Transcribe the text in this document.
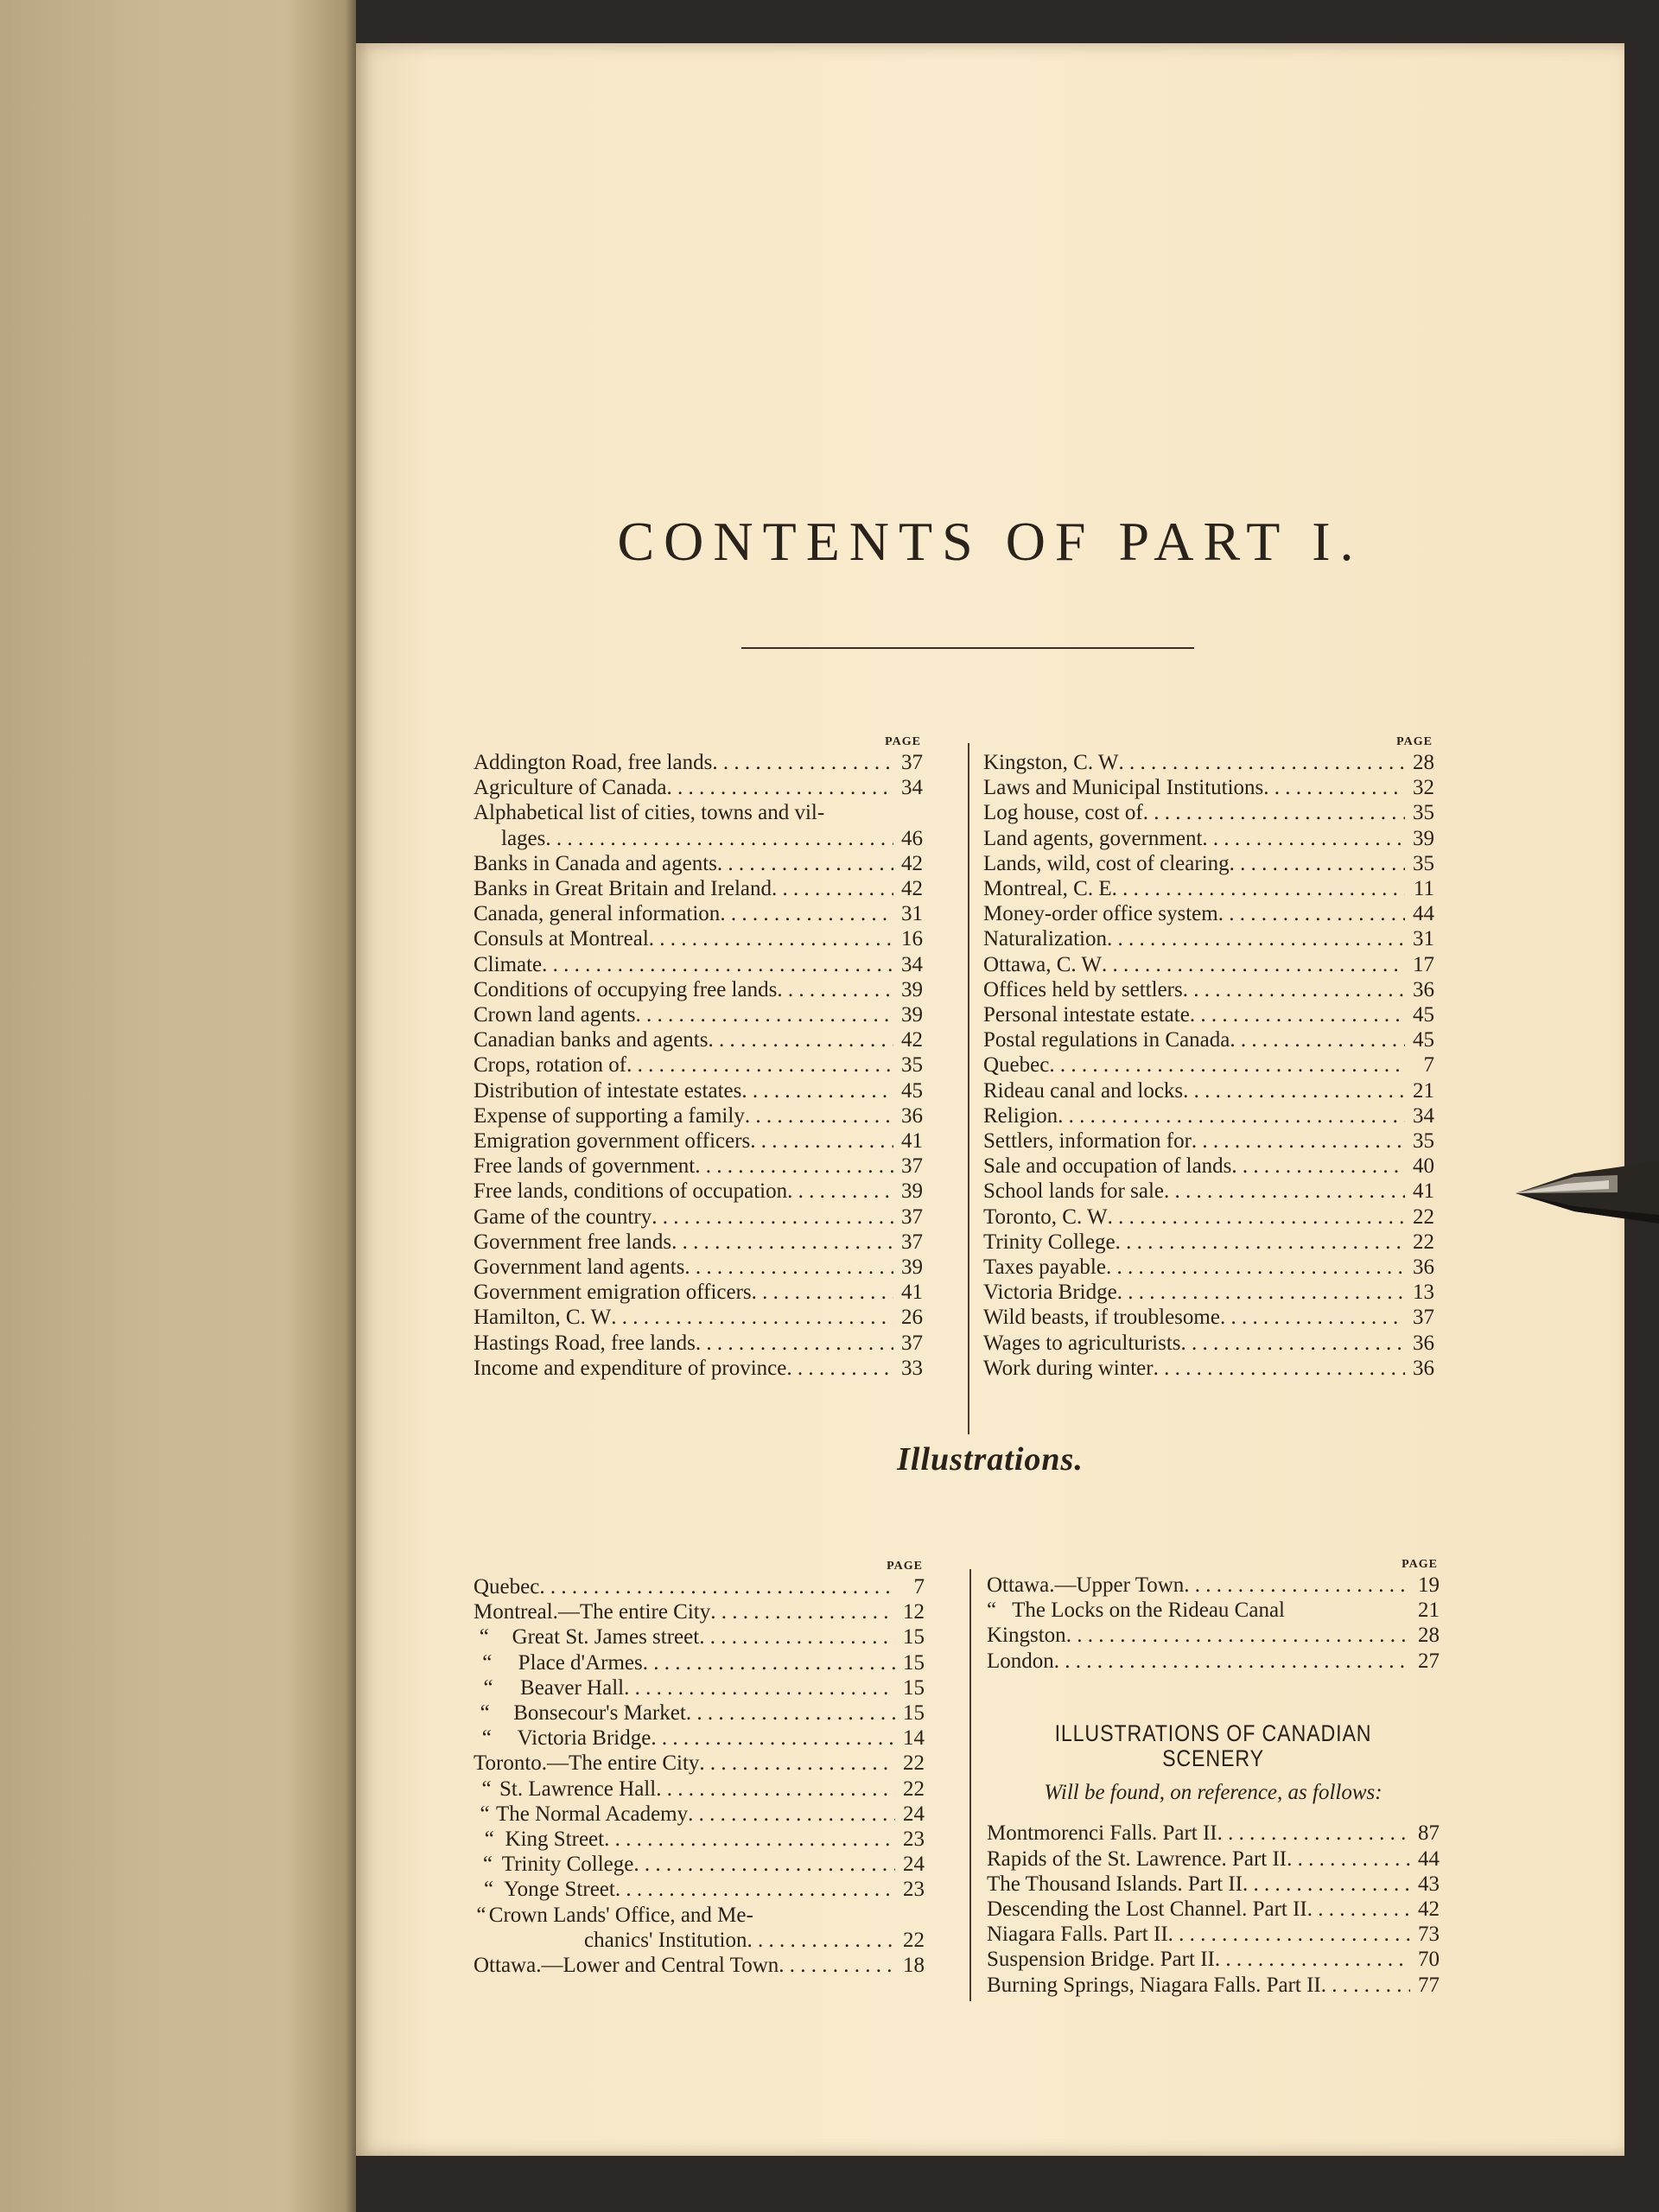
CONTENTS OF PART I.
PAGE
Addington Road, free lands . . .	37
Agriculture of Canada . . .	34
Alphabetical list of cities, towns and vil-
lages . . .	46
Banks in Canada and agents . . .	42
Banks in Great Britain and Ireland . . .	42
Canada, general information . . .	31
Consuls at Montreal . . .	16
Climate . . .	34
Conditions of occupying free lands . . .	39
Crown land agents . . .	39
Canadian banks and agents . . .	42
Crops, rotation of . . .	35
Distribution of intestate estates . . .	45
Expense of supporting a family . . .	36
Emigration government officers . . .	41
Free lands of government . . .	37
Free lands, conditions of occupation . . .	39
Game of the country . . .	37
Government free lands . . .	37
Government land agents . . .	39
Government emigration officers . . .	41
Hamilton, C. W . . .	26
Hastings Road, free lands . . .	37
Income and expenditure of province . . .	33
PAGE
Kingston, C. W . . .	28
Laws and Municipal Institutions . . .	32
Log house, cost of . . .	35
Land agents, government . . .	39
Lands, wild, cost of clearing . . .	35
Montreal, C. E . . .	11
Money-order office system . . .	44
Naturalization . . .	31
Ottawa, C. W . . .	17
Offices held by settlers . . .	36
Personal intestate estate . . .	45
Postal regulations in Canada . . .	45
Quebec . . .	7
Rideau canal and locks . . .	21
Religion . . .	34
Settlers, information for . . .	35
Sale and occupation of lands . . .	40
School lands for sale . . .	41
Toronto, C. W . . .	22
Trinity College . . .	22
Taxes payable . . .	36
Victoria Bridge . . .	13
Wild beasts, if troublesome . . .	37
Wages to agriculturists . . .	36
Work during winter . . .	36
Illustrations.
PAGE
Quebec . . .	7
Montreal.—The entire City . . .	12
“ Great St. James street . . .	15
“	Place d'Armes . . .	15
“	Beaver Hall . . .	15
“	Bonsecour's Market . . .	15
“	Victoria Bridge . . .	14
Toronto.—The entire City . . .	22
“ St. Lawrence Hall . . .	22
“ The Normal Academy . . .	24
“ King Street . . .	23
“ Trinity College . . .	24
“ Yonge Street . . .	23
“ Crown Lands' Office, and Me-
chanics' Institution . . .	22
Ottawa.—Lower and Central Town . . .	18
PAGE
Ottawa.—Upper Town . . .	19
“ The Locks on the Rideau Canal	21
Kingston . . .	28
London . . .	27
ILLUSTRATIONS OF CANADIAN SCENERY
Will be found, on reference, as follows:
Montmorenci Falls. Part II . . .	87
Rapids of the St. Lawrence. Part II . . .	44
The Thousand Islands. Part II . . .	43
Descending the Lost Channel. Part II . . .	42
Niagara Falls. Part II . . .	73
Suspension Bridge. Part II . . .	70
Burning Springs, Niagara Falls. Part II . . .	77
